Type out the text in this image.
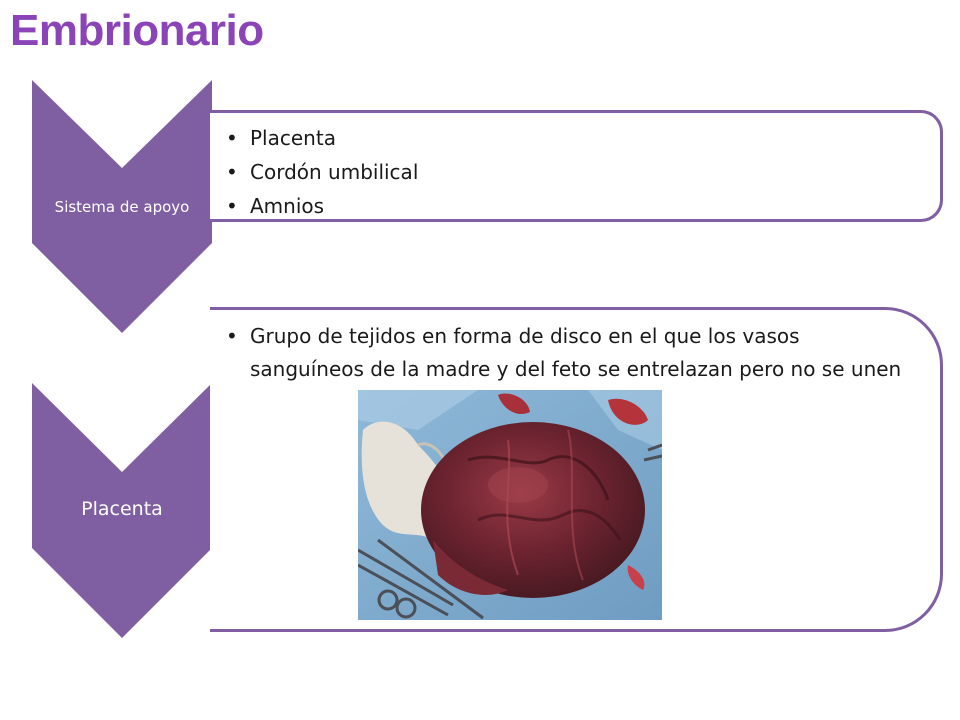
Embrionario
• Placenta
• Cordón umbilical
• Amnios
• Grupo de tejidos en forma de disco en el que los vasos sanguíneos de la madre y del feto se entrelazan pero no se unen
Sistema de apoyo
Placenta
